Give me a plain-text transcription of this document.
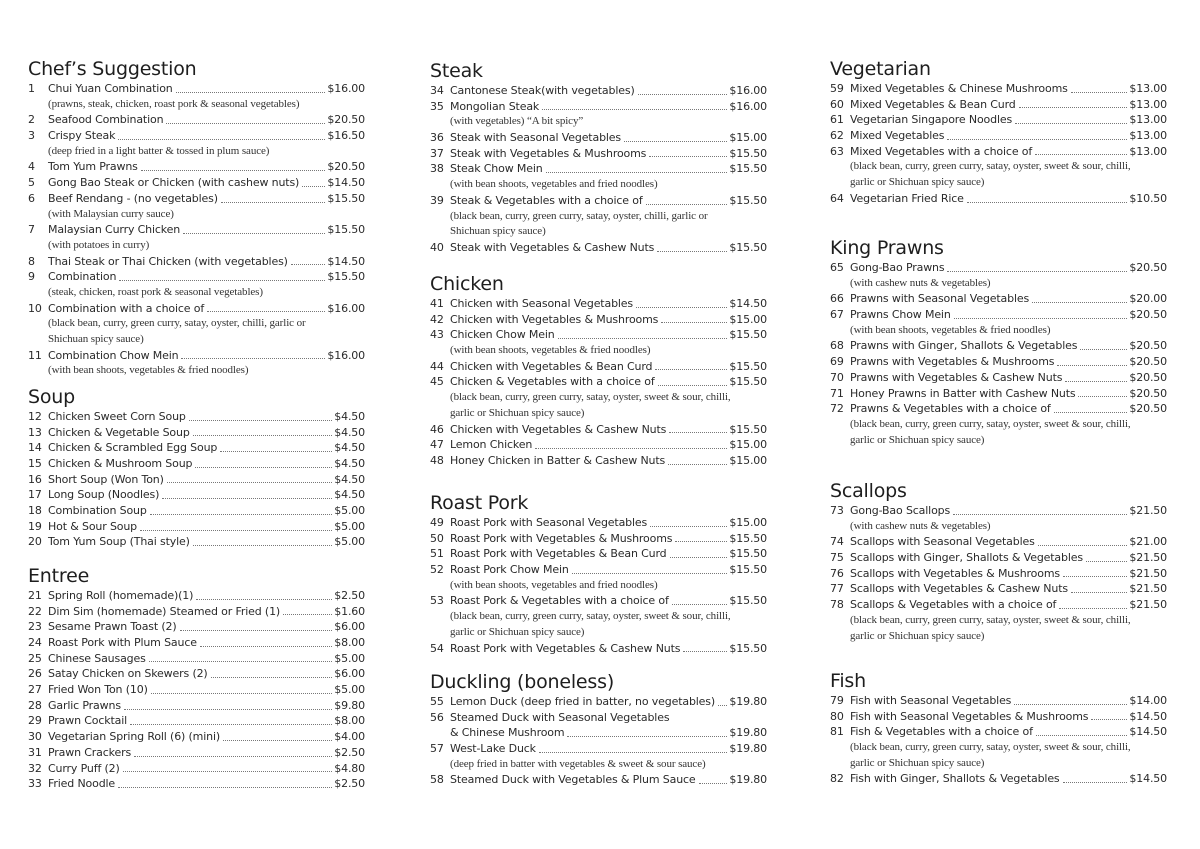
Chef’s Suggestion
1	Chui Yuan Combination	$16.00
(prawns, steak, chicken, roast pork & seasonal vegetables)
2	Seafood Combination	$20.50
3	Crispy Steak	$16.50
(deep fried in a light batter & tossed in plum sauce)
4	Tom Yum Prawns	$20.50
5	Gong Bao Steak or Chicken (with cashew nuts)	$14.50
6	Beef Rendang - (no vegetables)	$15.50
(with Malaysian curry sauce)
7	Malaysian Curry Chicken	$15.50
(with potatoes in curry)
8	Thai Steak or Thai Chicken (with vegetables)	$14.50
9	Combination	$15.50
(steak, chicken, roast pork & seasonal vegetables)
10 Combination with a choice of	$16.00
(black bean, curry, green curry, satay, oyster, chilli, garlic or
Shichuan spicy sauce)
11 Combination Chow Mein	$16.00
(with bean shoots, vegetables & fried noodles)
Soup
12 Chicken Sweet Corn Soup	$4.50
13 Chicken & Vegetable Soup	$4.50
14 Chicken & Scrambled Egg Soup	$4.50
15 Chicken & Mushroom Soup	$4.50
16 Short Soup (Won Ton)	$4.50
17 Long Soup (Noodles)	$4.50
18 Combination Soup	$5.00
19 Hot & Sour Soup	$5.00
20 Tom Yum Soup (Thai style)	$5.00
Entree
21 Spring Roll (homemade)(1)	$2.50
22 Dim Sim (homemade) Steamed or Fried (1)	$1.60
23 Sesame Prawn Toast (2)	$6.00
24 Roast Pork with Plum Sauce	$8.00
25 Chinese Sausages	$5.00
26 Satay Chicken on Skewers (2)	$6.00
27 Fried Won Ton (10)	$5.00
28 Garlic Prawns	$9.80
29 Prawn Cocktail	$8.00
30 Vegetarian Spring Roll (6) (mini)	$4.00
31 Prawn Crackers	$2.50
32 Curry Puff (2)	$4.80
33 Fried Noodle	$2.50
Steak
34 Cantonese Steak(with vegetables)	$16.00
35 Mongolian Steak	$16.00
(with vegetables) “A bit spicy”
36 Steak with Seasonal Vegetables	$15.00
37 Steak with Vegetables & Mushrooms	$15.50
38 Steak Chow Mein	$15.50
(with bean shoots, vegetables and fried noodles)
39 Steak & Vegetables with a choice of	$15.50
(black bean, curry, green curry, satay, oyster, chilli, garlic or
Shichuan spicy sauce)
40 Steak with Vegetables & Cashew Nuts	$15.50
Chicken
41 Chicken with Seasonal Vegetables	$14.50
42 Chicken with Vegetables & Mushrooms	$15.00
43 Chicken Chow Mein	$15.50
(with bean shoots, vegetables & fried noodles)
44 Chicken with Vegetables & Bean Curd	$15.50
45 Chicken & Vegetables with a choice of	$15.50
(black bean, curry, green curry, satay, oyster, sweet & sour, chilli,
garlic or Shichuan spicy sauce)
46 Chicken with Vegetables & Cashew Nuts	$15.50
47 Lemon Chicken	$15.00
48 Honey Chicken in Batter & Cashew Nuts	$15.00
Roast Pork
49 Roast Pork with Seasonal Vegetables	$15.00
50 Roast Pork with Vegetables & Mushrooms	$15.50
51 Roast Pork with Vegetables & Bean Curd	$15.50
52 Roast Pork Chow Mein	$15.50
(with bean shoots, vegetables and fried noodles)
53 Roast Pork & Vegetables with a choice of	$15.50
(black bean, curry, green curry, satay, oyster, sweet & sour, chilli,
garlic or Shichuan spicy sauce)
54 Roast Pork with Vegetables & Cashew Nuts	$15.50
Duckling (boneless)
55 Lemon Duck (deep fried in batter, no vegetables) $19.80
56 Steamed Duck with Seasonal Vegetables
& Chinese Mushroom	$19.80
57 West-Lake Duck	$19.80
(deep fried in batter with vegetables & sweet & sour sauce)
58 Steamed Duck with Vegetables & Plum Sauce	$19.80
Vegetarian
59 Mixed Vegetables & Chinese Mushrooms	$13.00
60 Mixed Vegetables & Bean Curd	$13.00
61 Vegetarian Singapore Noodles	$13.00
62 Mixed Vegetables	$13.00
63 Mixed Vegetables with a choice of	$13.00
(black bean, curry, green curry, satay, oyster, sweet & sour, chilli,
garlic or Shichuan spicy sauce)
64 Vegetarian Fried Rice	$10.50
King Prawns
65 Gong-Bao Prawns	$20.50
(with cashew nuts & vegetables)
66 Prawns with Seasonal Vegetables	$20.00
67 Prawns Chow Mein	$20.50
(with bean shoots, vegetables & fried noodles)
68 Prawns with Ginger, Shallots & Vegetables	$20.50
69 Prawns with Vegetables & Mushrooms	$20.50
70 Prawns with Vegetables & Cashew Nuts	$20.50
71 Honey Prawns in Batter with Cashew Nuts	$20.50
72 Prawns & Vegetables with a choice of	$20.50
(black bean, curry, green curry, satay, oyster, sweet & sour, chilli,
garlic or Shichuan spicy sauce)
Scallops
73 Gong-Bao Scallops	$21.50
(with cashew nuts & vegetables)
74 Scallops with Seasonal Vegetables	$21.00
75 Scallops with Ginger, Shallots & Vegetables	$21.50
76 Scallops with Vegetables & Mushrooms	$21.50
77 Scallops with Vegetables & Cashew Nuts	$21.50
78 Scallops & Vegetables with a choice of	$21.50
(black bean, curry, green curry, satay, oyster, sweet & sour, chilli,
garlic or Shichuan spicy sauce)
Fish
79 Fish with Seasonal Vegetables	$14.00
80 Fish with Seasonal Vegetables & Mushrooms	$14.50
81 Fish & Vegetables with a choice of	$14.50
(black bean, curry, green curry, satay, oyster, sweet & sour, chilli,
garlic or Shichuan spicy sauce)
82 Fish with Ginger, Shallots & Vegetables	$14.50
